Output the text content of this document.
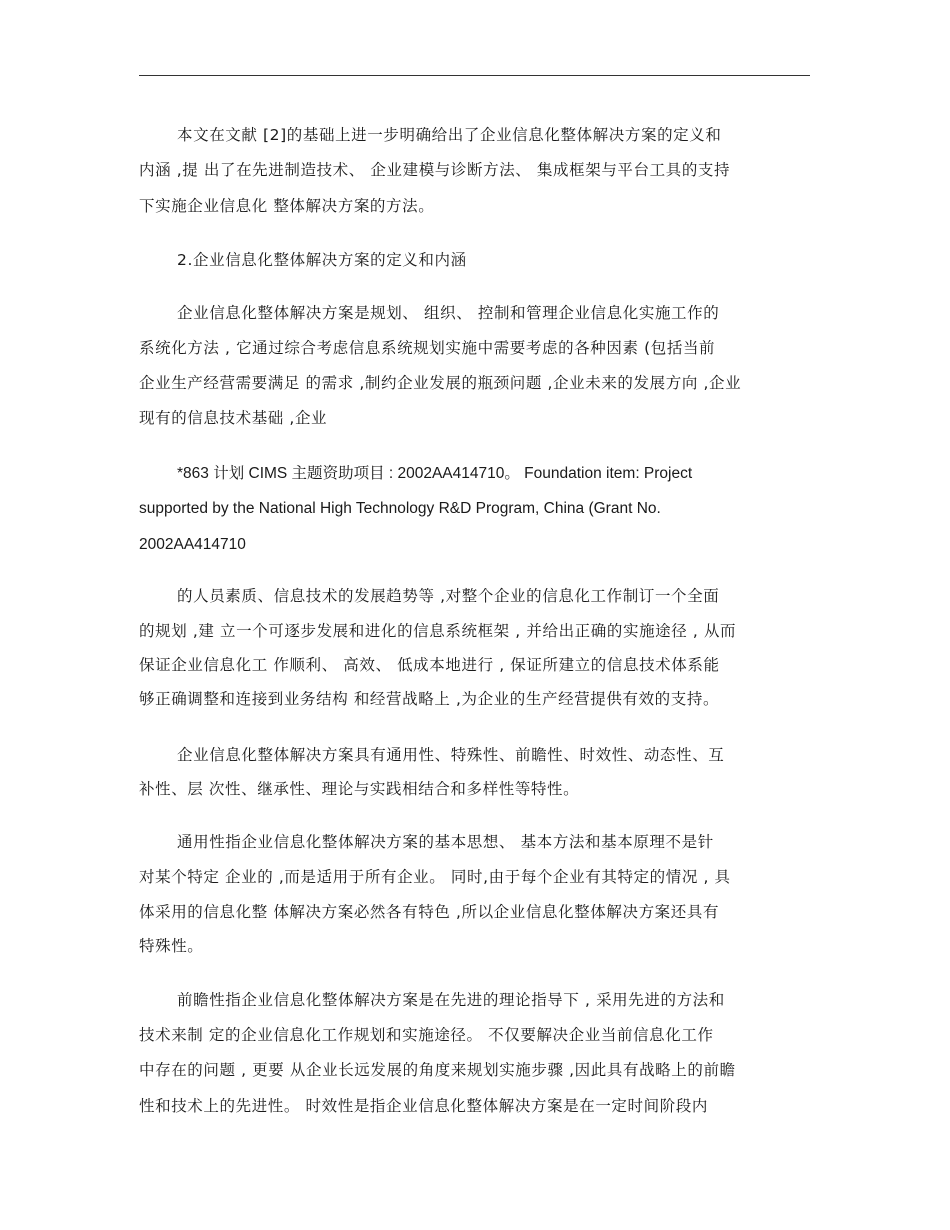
本文在文献 [2]的基础上进一步明确给出了企业信息化整体解决方案的定义和
内涵 ,提 出了在先进制造技术、 企业建模与诊断方法、 集成框架与平台工具的支持
下实施企业信息化 整体解决方案的方法。
2.企业信息化整体解决方案的定义和内涵
企业信息化整体解决方案是规划、 组织、 控制和管理企业信息化实施工作的
系统化方法 , 它通过综合考虑信息系统规划实施中需要考虑的各种因素 (包括当前
企业生产经营需要满足 的需求 ,制约企业发展的瓶颈问题 ,企业未来的发展方向 ,企业
现有的信息技术基础 ,企业
*863 计划 CIMS 主题资助项目 : 2002AA414710。 Foundation item: Project
supported by the National High Technology R&D Program, China (Grant No.
2002AA414710
的人员素质、信息技术的发展趋势等 ,对整个企业的信息化工作制订一个全面
的规划 ,建 立一个可逐步发展和进化的信息系统框架 , 并给出正确的实施途径 , 从而
保证企业信息化工 作顺利、 高效、 低成本地进行 , 保证所建立的信息技术体系能
够正确调整和连接到业务结构 和经营战略上 ,为企业的生产经营提供有效的支持。
企业信息化整体解决方案具有通用性、特殊性、前瞻性、时效性、动态性、互
补性、层 次性、继承性、理论与实践相结合和多样性等特性。
通用性指企业信息化整体解决方案的基本思想、 基本方法和基本原理不是针
对某个特定 企业的 ,而是适用于所有企业。 同时,由于每个企业有其特定的情况 , 具
体采用的信息化整 体解决方案必然各有特色 ,所以企业信息化整体解决方案还具有
特殊性。
前瞻性指企业信息化整体解决方案是在先进的理论指导下 , 采用先进的方法和
技术来制 定的企业信息化工作规划和实施途径。 不仅要解决企业当前信息化工作
中存在的问题 , 更要 从企业长远发展的角度来规划实施步骤 ,因此具有战略上的前瞻
性和技术上的先进性。 时效性是指企业信息化整体解决方案是在一定时间阶段内
